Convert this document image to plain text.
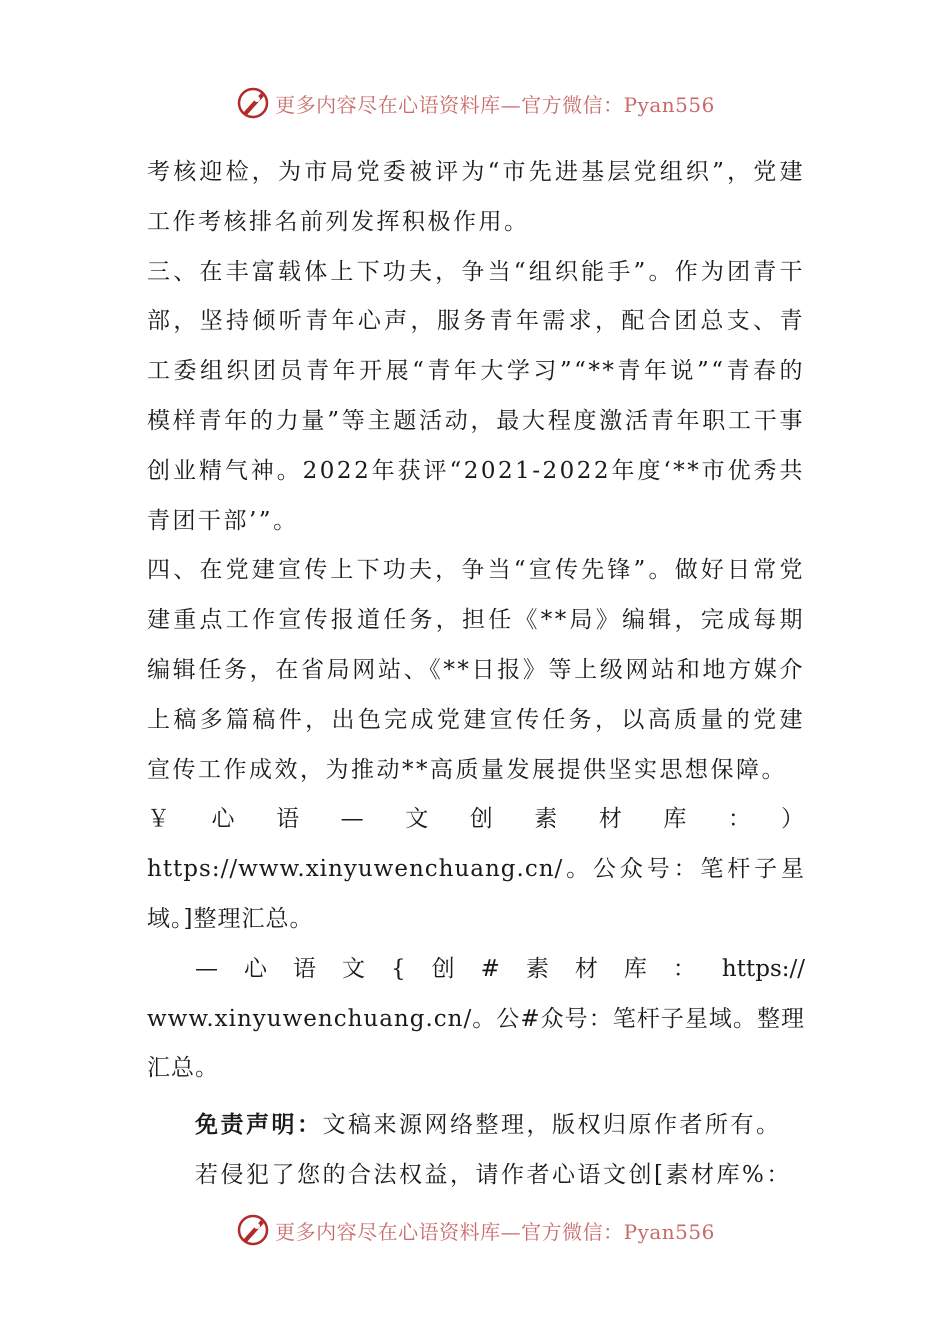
更多内容尽在心语资料库—官方微信：Pyan556

考核迎检，为市局党委被评为“市先进基层党组织”，党建工作考核排名前列发挥积极作用。

三、在丰富载体上下功夫，争当“组织能手”。作为团青干部，坚持倾听青年心声，服务青年需求，配合团总支、青工委组织团员青年开展“青年大学习”“**青年说”“青春的模样青年的力量”等主题活动，最大程度激活青年职工干事创业精气神。2022年获评“2021-2022年度‘**市优秀共青团干部’”。

四、在党建宣传上下功夫，争当“宣传先锋”。做好日常党建重点工作宣传报道任务，担任《**局》编辑，完成每期编辑任务，在省局网站、《**日报》等上级网站和地方媒介上稿多篇稿件，出色完成党建宣传任务，以高质量的党建宣传工作成效，为推动**高质量发展提供坚实思想保障。

￥心语—文创素材库：）https://www.xinyuwenchuang.cn/。公众号：笔杆子星域。]整理汇总。

—心语文{创#素材库：https://

www.xinyuwenchuang.cn/。公#众号：笔杆子星域。整理汇总。

免责声明：文稿来源网络整理，版权归原作者所有。

若侵犯了您的合法权益，请作者心语文创[素材库%：

更多内容尽在心语资料库—官方微信：Pyan556
